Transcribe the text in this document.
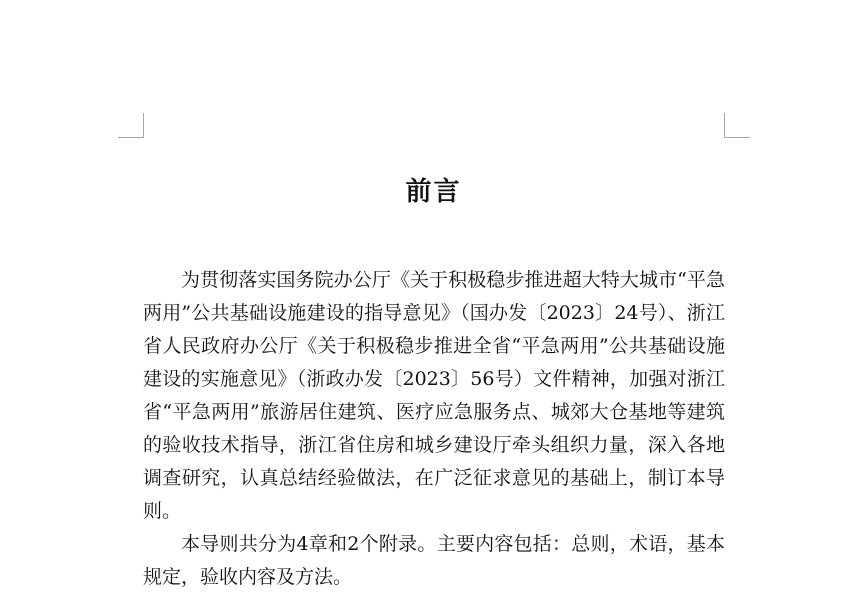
前言

为贯彻落实国务院办公厅《关于积极稳步推进超大特大城市“平急两用”公共基础设施建设的指导意见》（国办发〔2023〕24号）、浙江省人民政府办公厅《关于积极稳步推进全省“平急两用”公共基础设施建设的实施意见》（浙政办发〔2023〕56号）文件精神，加强对浙江省“平急两用”旅游居住建筑、医疗应急服务点、城郊大仓基地等建筑的验收技术指导，浙江省住房和城乡建设厅牵头组织力量，深入各地调查研究，认真总结经验做法，在广泛征求意见的基础上，制订本导则。

本导则共分为4章和2个附录。主要内容包括：总则，术语，基本规定，验收内容及方法。
